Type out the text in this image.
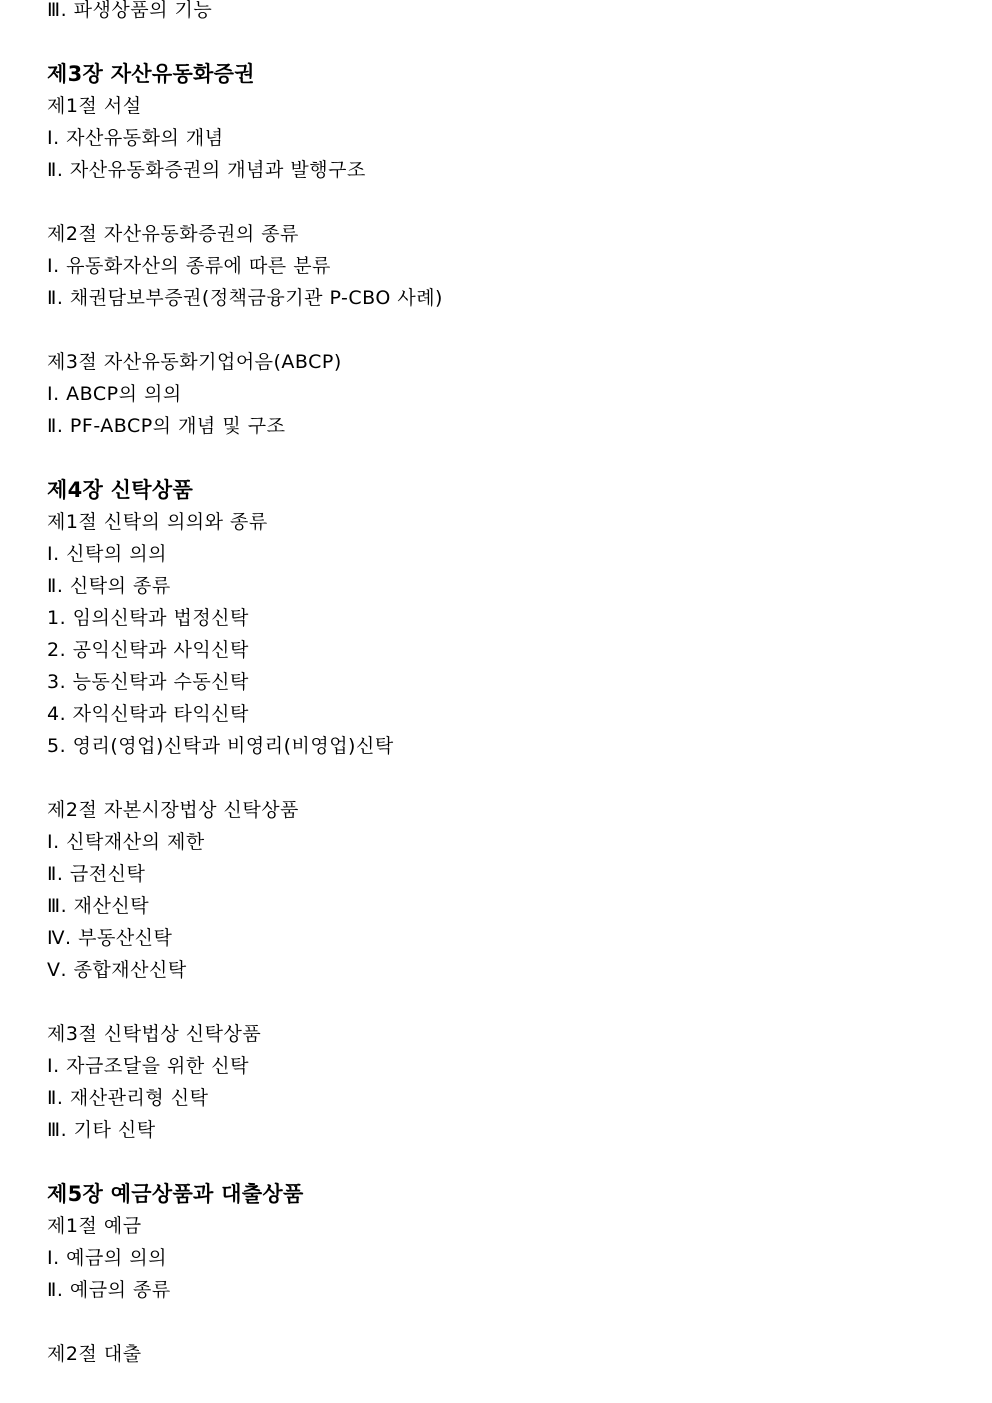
Ⅲ. 파생상품의 기능
제3장 자산유동화증권
제1절 서설
Ⅰ. 자산유동화의 개념
Ⅱ. 자산유동화증권의 개념과 발행구조
제2절 자산유동화증권의 종류
Ⅰ. 유동화자산의 종류에 따른 분류
Ⅱ. 채권담보부증권(정책금융기관 P-CBO 사례)
제3절 자산유동화기업어음(ABCP)
Ⅰ. ABCP의 의의
Ⅱ. PF-ABCP의 개념 및 구조
제4장 신탁상품
제1절 신탁의 의의와 종류
Ⅰ. 신탁의 의의
Ⅱ. 신탁의 종류
1. 임의신탁과 법정신탁
2. 공익신탁과 사익신탁
3. 능동신탁과 수동신탁
4. 자익신탁과 타익신탁
5. 영리(영업)신탁과 비영리(비영업)신탁
제2절 자본시장법상 신탁상품
Ⅰ. 신탁재산의 제한
Ⅱ. 금전신탁
Ⅲ. 재산신탁
Ⅳ. 부동산신탁
Ⅴ. 종합재산신탁
제3절 신탁법상 신탁상품
Ⅰ. 자금조달을 위한 신탁
Ⅱ. 재산관리형 신탁
Ⅲ. 기타 신탁
제5장 예금상품과 대출상품
제1절 예금
Ⅰ. 예금의 의의
Ⅱ. 예금의 종류
제2절 대출
